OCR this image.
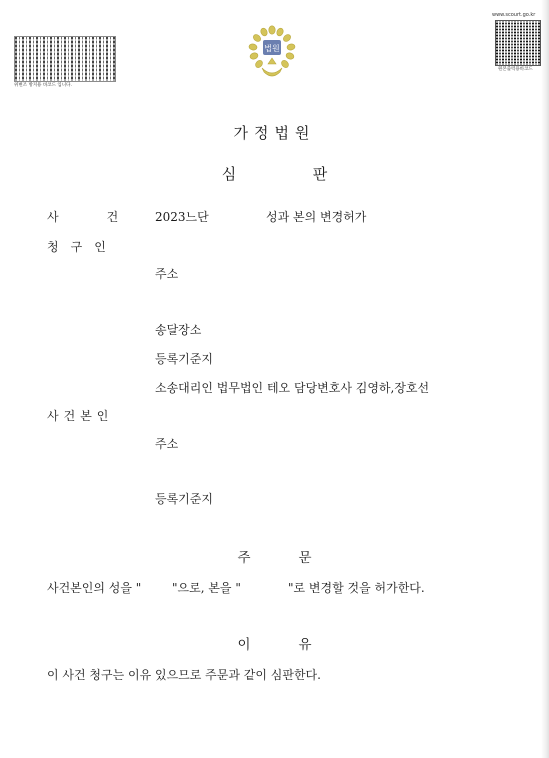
위변조 방지용 바코드 입니다.
법원
www.scourt.go.kr
원본출력용바코드
가정법원
심	판
사	건	2023느단	성과 본의 변경허가
청 구 인
주소
송달장소
등록기준지
소송대리인 법무법인 테오 담당변호사 김영하,장호선
사 건 본 인
주소
등록기준지
주	문
사건본인의 성을 "	"으로, 본을 "	"로 변경할 것을 허가한다.
이	유
이 사건 청구는 이유 있으므로 주문과 같이 심판한다.
